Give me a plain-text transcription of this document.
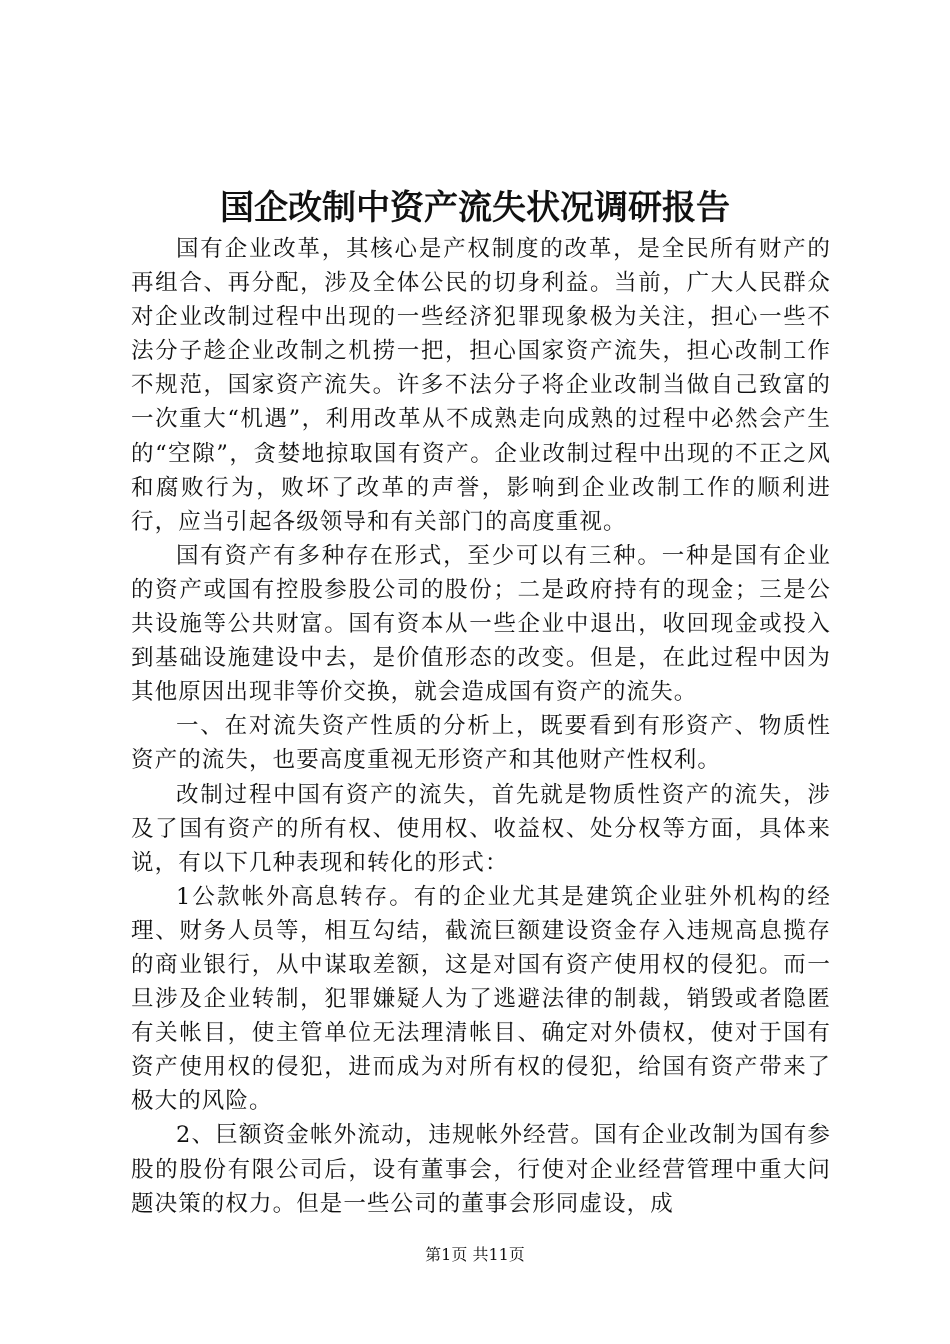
国企改制中资产流失状况调研报告

国有企业改革，其核心是产权制度的改革，是全民所有财产的再组合、再分配，涉及全体公民的切身利益。当前，广大人民群众对企业改制过程中出现的一些经济犯罪现象极为关注，担心一些不法分子趁企业改制之机捞一把，担心国家资产流失，担心改制工作不规范，国家资产流失。许多不法分子将企业改制当做自己致富的一次重大“机遇”，利用改革从不成熟走向成熟的过程中必然会产生的“空隙”，贪婪地掠取国有资产。企业改制过程中出现的不正之风和腐败行为，败坏了改革的声誉，影响到企业改制工作的顺利进行，应当引起各级领导和有关部门的高度重视。

国有资产有多种存在形式，至少可以有三种。一种是国有企业的资产或国有控股参股公司的股份；二是政府持有的现金；三是公共设施等公共财富。国有资本从一些企业中退出，收回现金或投入到基础设施建设中去，是价值形态的改变。但是，在此过程中因为其他原因出现非等价交换，就会造成国有资产的流失。

一、在对流失资产性质的分析上，既要看到有形资产、物质性资产的流失，也要高度重视无形资产和其他财产性权利。

改制过程中国有资产的流失，首先就是物质性资产的流失，涉及了国有资产的所有权、使用权、收益权、处分权等方面，具体来说，有以下几种表现和转化的形式：

1公款帐外高息转存。有的企业尤其是建筑企业驻外机构的经理、财务人员等，相互勾结，截流巨额建设资金存入违规高息揽存的商业银行，从中谋取差额，这是对国有资产使用权的侵犯。而一旦涉及企业转制，犯罪嫌疑人为了逃避法律的制裁，销毁或者隐匿有关帐目，使主管单位无法理清帐目、确定对外债权，使对于国有资产使用权的侵犯，进而成为对所有权的侵犯，给国有资产带来了极大的风险。

2、巨额资金帐外流动，违规帐外经营。国有企业改制为国有参股的股份有限公司后，设有董事会，行使对企业经营管理中重大问题决策的权力。但是一些公司的董事会形同虚设，成

第1页 共11页
